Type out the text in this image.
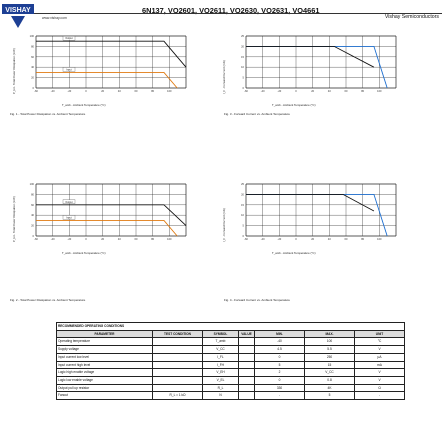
VISHAY	6N137, VO2601, VO2611, VO2630, VO2631, VO4661
www.vishay.com	Vishay Semiconductors
-60	-40	-20	0	20	40	60	80	100
100
80
60
40
20
0
Output
Input
P_tot - Total Power Dissipation (mW)
T_amb - Ambient Temperature (°C)
Fig. 1 - Total Power Dissipation vs. Ambient Temperature
-60	-40	-20	0	20	40	60	80	100
25
20
15
10
5
0
I_F - Forward Current (mA)
T_amb - Ambient Temperature (°C)
Fig. 3 - Forward Current vs. Ambient Temperature
-60	-40	-20	0	20	40	60	80	100
100
80
60
40
20
0
Output
Input
P_tot - Total Power Dissipation (mW)
T_amb - Ambient Temperature (°C)
Fig. 2 - Total Power Dissipation vs. Ambient Temperature
-60	-40	-20	0	20	40	60	80	100
25
20
15
10
5
0
I_F - Forward Current (mA)
T_amb - Ambient Temperature (°C)
Fig. 4 - Forward Current vs. Ambient Temperature
RECOMMENDED OPERATING CONDITIONS						
PARAMETER	TEST CONDITION	SYMBOL	VALUE	MIN.	MAX.	UNIT
Operating temperature		T_amb		-40	100	°C
Supply voltage		V_CC		4.5	5.5	V
Input current low level		I_FL		0	250	µA
Input current high level		I_FH		5	15	mA
Logic high enable voltage		V_EH		2	V_CC	V
Logic low enable voltage		V_EL		0	0.8	V
Output pull up resistor		R_L		330	4K	Ω
Fanout	R_L = 1 kΩ	N		-	5	-
